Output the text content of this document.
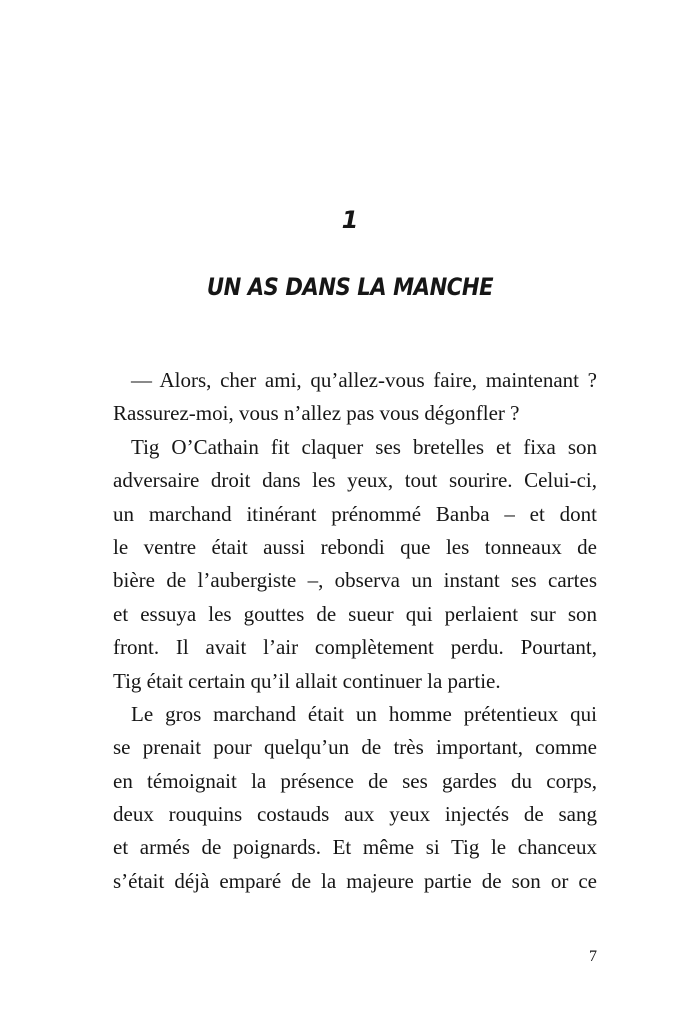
1
UN AS DANS LA MANCHE
— Alors, cher ami, qu’allez-vous faire, maintenant ?
Rassurez-moi, vous n’allez pas vous dégonfler ?
Tig O’Cathain fit claquer ses bretelles et fixa son
adversaire droit dans les yeux, tout sourire. Celui-ci,
un marchand itinérant prénommé Banba – et dont
le ventre était aussi rebondi que les tonneaux de
bière de l’aubergiste –, observa un instant ses cartes
et essuya les gouttes de sueur qui perlaient sur son
front. Il avait l’air complètement perdu. Pourtant,
Tig était certain qu’il allait continuer la partie.
Le gros marchand était un homme prétentieux qui
se prenait pour quelqu’un de très important, comme
en témoignait la présence de ses gardes du corps,
deux rouquins costauds aux yeux injectés de sang
et armés de poignards. Et même si Tig le chanceux
s’était déjà emparé de la majeure partie de son or ce
7
